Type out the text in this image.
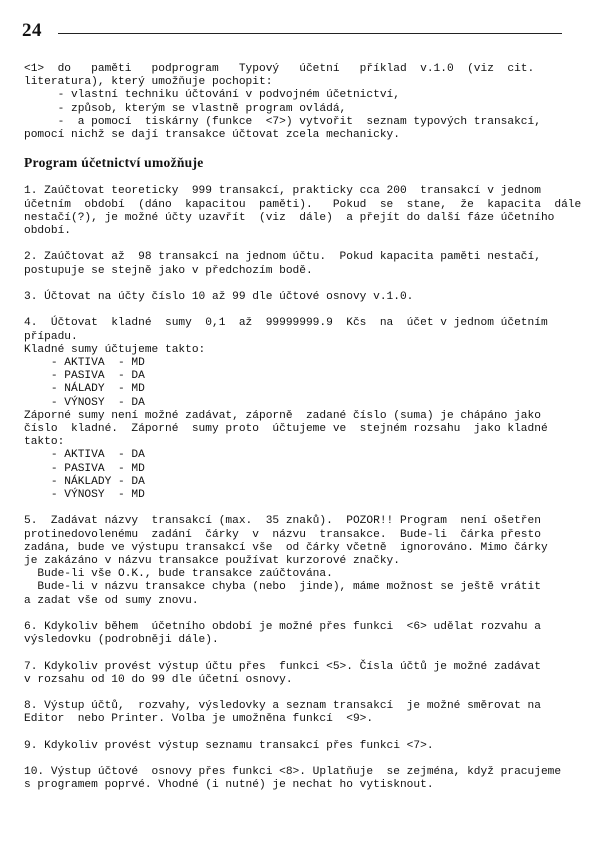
24
<1>  do   paměti   podprogram   Typový   účetní   příklad  v.1.0  (viz  cit.
literatura), který umožňuje pochopit:
- vlastní techniku účtování v podvojném účetnictví,
- způsob, kterým se vlastně program ovládá,
-  a pomocí  tiskárny (funkce  <7>) vytvořit  seznam typových transakcí,
pomocí nichž se dají transakce účtovat zcela mechanicky.
Program účetnictví umožňuje
1. Zaúčtovat teoreticky  999 transakcí, prakticky cca 200  transakcí v jednom
účetním  období  (dáno  kapacitou  paměti).   Pokud  se  stane,  že  kapacita  dále
nestačí(?), je možné účty uzavřít  (viz  dále)  a přejít do další fáze účetního
období.
2. Zaúčtovat až  98 transakcí na jednom účtu.  Pokud kapacita paměti nestačí,
postupuje se stejně jako v předchozím bodě.
3. Účtovat na účty číslo 10 až 99 dle účtové osnovy v.1.0.
4.  Účtovat  kladné  sumy  0,1  až  99999999.9  Kčs  na  účet v jednom účetním
případu.
Kladné sumy účtujeme takto:
- AKTIVA  - MD
- PASIVA  - DA
- NÁLADY  - MD
- VÝNOSY  - DA
Záporné sumy není možné zadávat, záporně  zadané číslo (suma) je chápáno jako
číslo  kladné.  Záporné  sumy proto  účtujeme ve  stejném rozsahu  jako kladné
takto:
- AKTIVA  - DA
- PASIVA  - MD
- NÁKLADY - DA
- VÝNOSY  - MD
5.  Zadávat názvy  transakcí (max.  35 znaků).  POZOR!! Program  není ošetřen
protinedovolenému  zadání  čárky  v  názvu  transakce.  Bude-li  čárka přesto
zadána, bude ve výstupu transakcí vše  od čárky včetně  ignorováno. Mimo čárky
je zakázáno v názvu transakce používat kurzorové značky.
Bude-li vše O.K., bude transakce zaúčtována.
Bude-li v názvu transakce chyba (nebo  jinde), máme možnost se ještě vrátit
a zadat vše od sumy znovu.
6. Kdykoliv během  účetního období je možné přes funkci  <6> udělat rozvahu a
výsledovku (podrobněji dále).
7. Kdykoliv provést výstup účtu přes  funkci <5>. Čísla účtů je možné zadávat
v rozsahu od 10 do 99 dle účetní osnovy.
8. Výstup účtů,  rozvahy, výsledovky a seznam transakcí  je možné směrovat na
Editor  nebo Printer. Volba je umožněna funkcí  <9>.
9. Kdykoliv provést výstup seznamu transakcí přes funkci <7>.
10. Výstup účtové  osnovy přes funkci <8>. Uplatňuje  se zejména, když pracujeme
s programem poprvé. Vhodné (i nutné) je nechat ho vytisknout.
